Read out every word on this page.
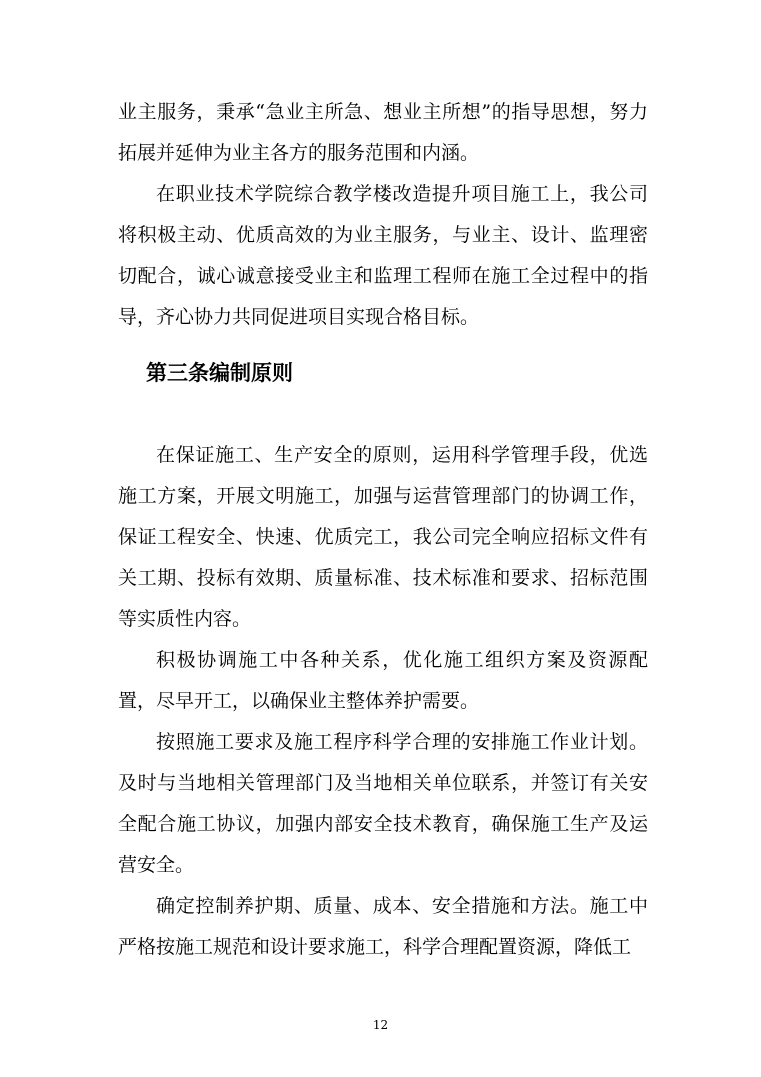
业主服务，秉承“急业主所急、想业主所想”的指导思想，努力拓展并延伸为业主各方的服务范围和内涵。

在职业技术学院综合教学楼改造提升项目施工上，我公司将积极主动、优质高效的为业主服务，与业主、设计、监理密切配合，诚心诚意接受业主和监理工程师在施工全过程中的指导，齐心协力共同促进项目实现合格目标。

第三条编制原则

在保证施工、生产安全的原则，运用科学管理手段，优选施工方案，开展文明施工，加强与运营管理部门的协调工作，保证工程安全、快速、优质完工，我公司完全响应招标文件有关工期、投标有效期、质量标准、技术标准和要求、招标范围等实质性内容。

积极协调施工中各种关系，优化施工组织方案及资源配置，尽早开工，以确保业主整体养护需要。

按照施工要求及施工程序科学合理的安排施工作业计划。及时与当地相关管理部门及当地相关单位联系，并签订有关安全配合施工协议，加强内部安全技术教育，确保施工生产及运营安全。

确定控制养护期、质量、成本、安全措施和方法。施工中严格按施工规范和设计要求施工，科学合理配置资源，降低工

12
